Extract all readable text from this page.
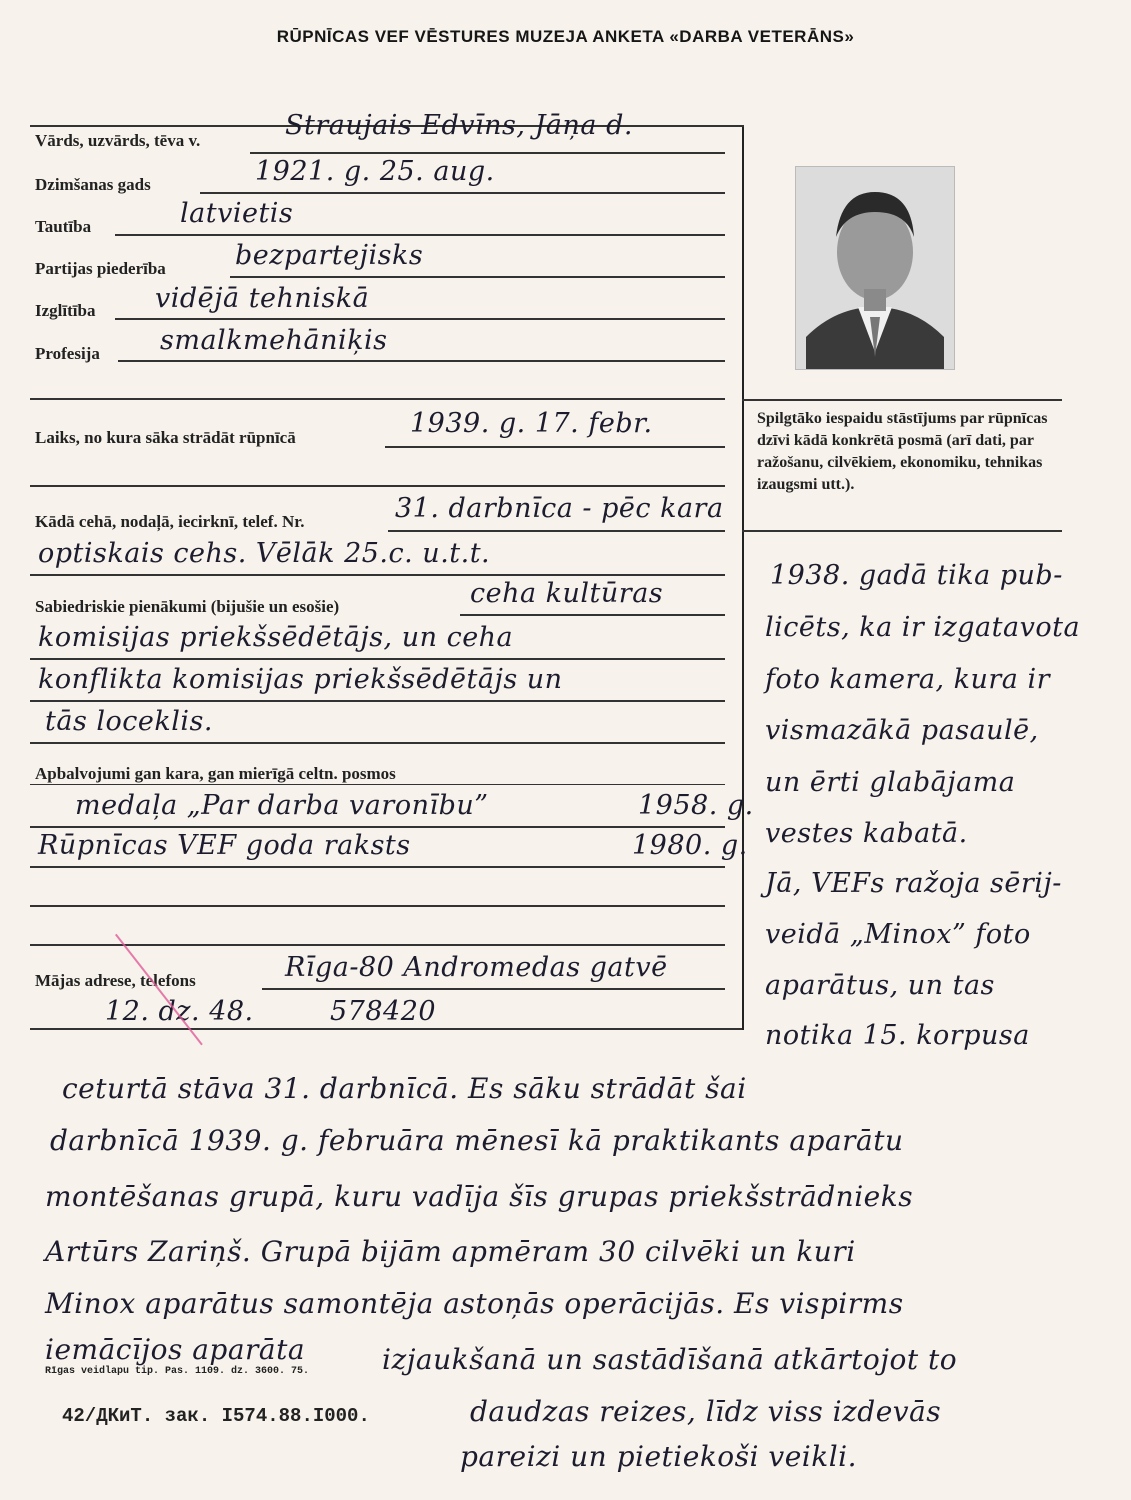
RŪPNĪCAS VEF VĒSTURES MUZEJA ANKETA «DARBA VETERĀNS»
Spilgtāko iespaidu stāstījums par rūpnīcas dzīvi kādā konkrētā posmā (arī dati, par ražošanu, cilvēkiem, ekonomiku, tehnikas izaugsmi utt.).
Vārds, uzvārds, tēva v.	Straujais Edvīns, Jāņa d.
Dzimšanas gads	1921. g. 25. aug.
Tautība	latvietis
Partijas piederība	bezpartejisks
Izglītība vidējā tehniskā
Profesija smalkmehāniķis
Laiks, no kura sāka strādāt rūpnīcā	1939. g. 17. febr.
Kādā cehā, nodaļā, iecirknī, telef. Nr.	31. darbnīca - pēc kara
optiskais cehs. Vēlāk 25.c. u.t.t.
Sabiedriskie pienākumi (bijušie un esošie)	ceha kultūras
komisijas priekšsēdētājs, un ceha
konflikta komisijas priekšsēdētājs un
tās loceklis.
Apbalvojumi gan kara, gan mierīgā celtn. posmos
medaļa „Par darba varonību”	1958. g.
Rūpnīcas VEF goda raksts	1980. g.
Mājas adrese, telefons	Rīga-80 Andromedas gatvē
12. dz. 48.	578420
1938. gadā tika pub-
licēts, ka ir izgatavota
foto kamera, kura ir
vismazākā pasaulē,
un ērti glabājama
vestes kabatā.
Jā, VEFs ražoja sērij-
veidā „Minox” foto
aparātus, un tas
notika 15. korpusa
ceturtā stāva 31. darbnīcā. Es sāku strādāt šai
darbnīcā 1939. g. februāra mēnesī kā praktikants aparātu
montēšanas grupā, kuru vadīja šīs grupas priekšstrādnieks
Artūrs Zariņš. Grupā bijām apmēram 30 cilvēki un kuri
Minox aparātus samontēja astoņās operācijās. Es vispirms
iemācījos aparāta	izjaukšanā un sastādīšanā atkārtojot to
daudzas reizes, līdz viss izdevās
pareizi un pietiekoši veikli.
Rīgas veidlapu tip. Pas. 1109. dz. 3600. 75.
42/ДКиТ. зак. I574.88.I000.
